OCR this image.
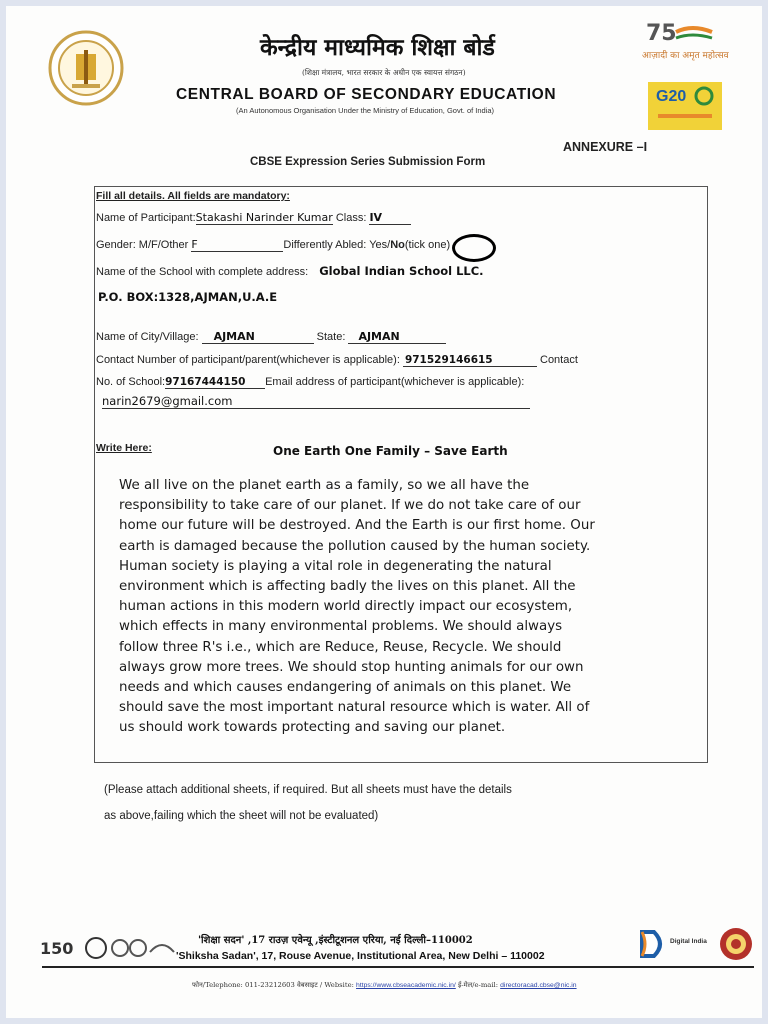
केन्द्रीय माध्यमिक शिक्षा बोर्ड
(शिक्षा मंत्रालय, भारत सरकार के अधीन एक स्वायत्त संगठन)
CENTRAL BOARD OF SECONDARY EDUCATION
(An Autonomous Organisation Under the Ministry of Education, Govt. of India)
75
आज़ादी का अमृत महोत्सव
G20
ANNEXURE –I
CBSE Expression Series Submission Form
Fill all details. All fields are mandatory:
Name of Participant:Stakashi Narinder Kumar Class: IV
Gender: M/F/Other F	Differently Abled: Yes/No(tick one)
Name of the School with complete address: Global Indian School LLC.
P.O. BOX:1328,AJMAN,U.A.E
Name of City/Village: AJMAN	State: AJMAN
Contact Number of participant/parent(whichever is applicable): 971529146615	Contact
No. of School:97167444150 Email address of participant(whichever is applicable):
narin2679@gmail.com
Write Here:	One Earth One Family – Save Earth
We all live on the planet earth as a family, so we all have the
responsibility to take care of our planet. If we do not take care of our
home our future will be destroyed. And the Earth is our first home. Our
earth is damaged because the pollution caused by the human society.
Human society is playing a vital role in degenerating the natural
environment which is affecting badly the lives on this planet. All the
human actions in this modern world directly impact our ecosystem,
which effects in many environmental problems. We should always
follow three R's i.e., which are Reduce, Reuse, Recycle. We should
always grow more trees. We should stop hunting animals for our own
needs and which causes endangering of animals on this planet. We
should save the most important natural resource which is water. All of
us should work towards protecting and saving our planet.
(Please attach additional sheets, if required. But all sheets must have the details
as above,failing which the sheet will not be evaluated)
150	'शिक्षा सदन' ,17 राउज़ एवेन्यू ,इंस्टीटूशनल एरिया, नई दिल्ली–110002
'Shiksha Sadan', 17, Rouse Avenue, Institutional Area, New Delhi – 110002
Digital India
फोन/Telephone: 011-23212603 वेबसाइट / Website: https://www.cbseacademic.nic.in/ ई-मेल/e-mail: directoracad.cbse@nic.in
